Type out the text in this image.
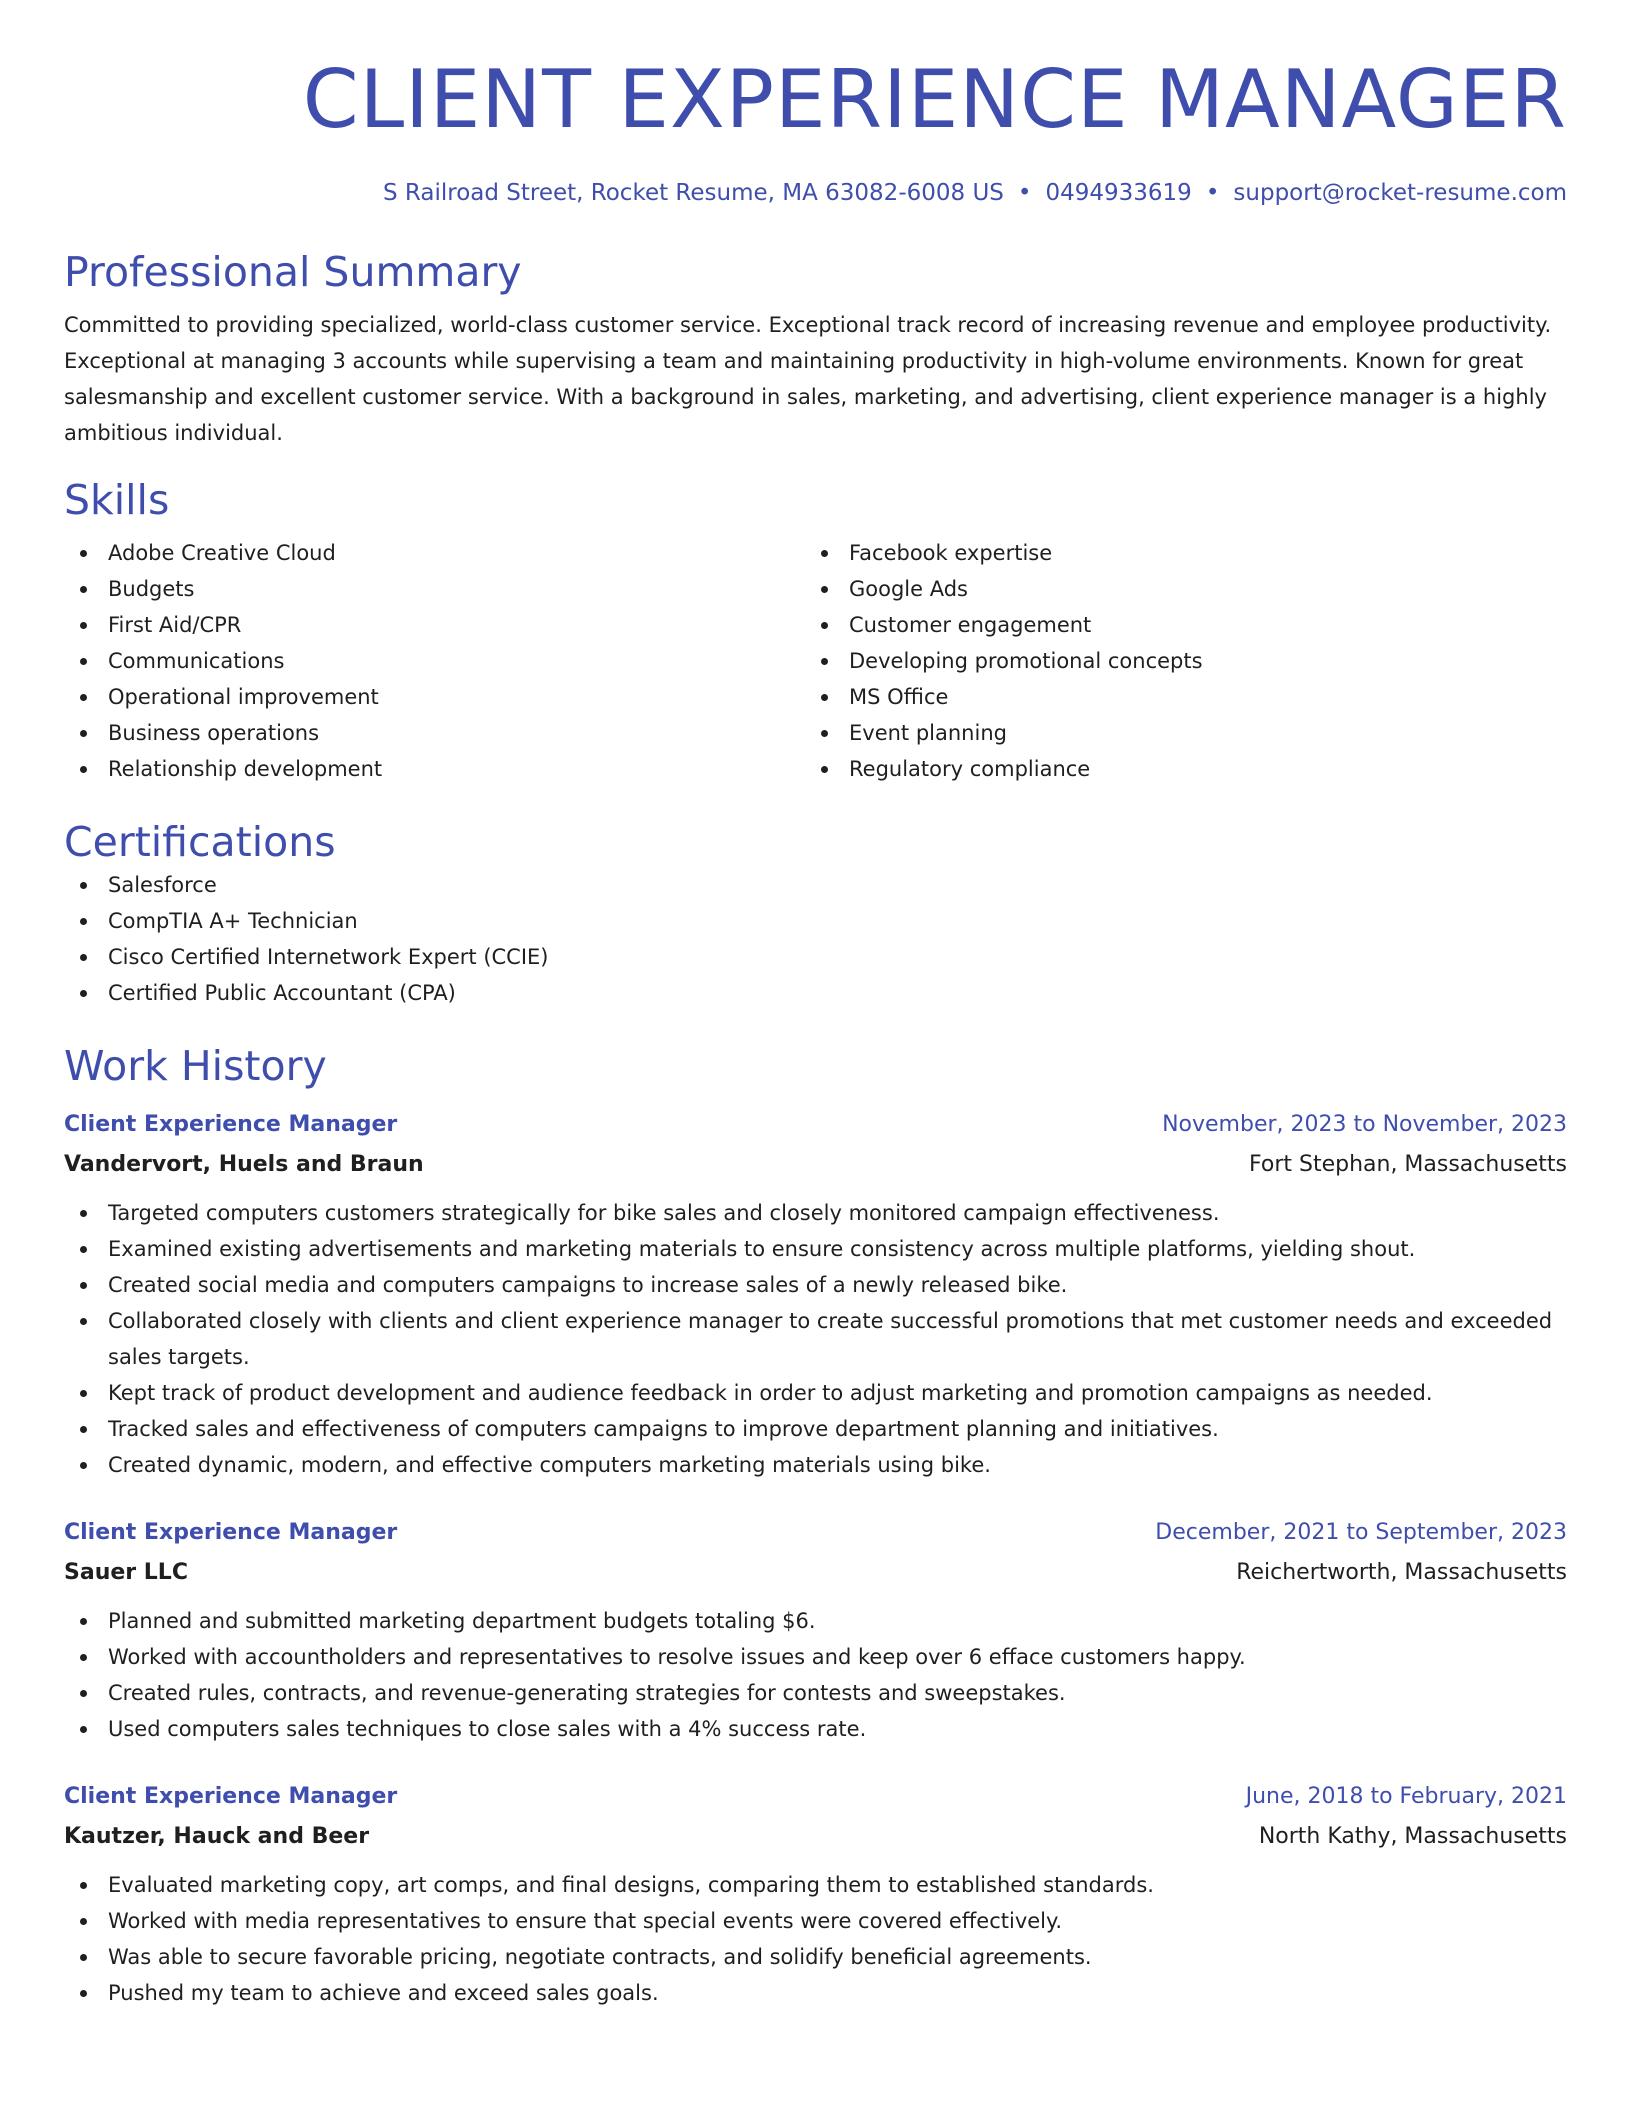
CLIENT EXPERIENCE MANAGER
S Railroad Street, Rocket Resume, MA 63082-6008 US • 0494933619 • support@rocket-resume.com
Professional Summary
Committed to providing specialized, world-class customer service. Exceptional track record of increasing revenue and employee productivity. Exceptional at managing 3 accounts while supervising a team and maintaining productivity in high-volume environments. Known for great salesmanship and excellent customer service. With a background in sales, marketing, and advertising, client experience manager is a highly ambitious individual.
Skills
Adobe Creative Cloud
Budgets
First Aid/CPR
Communications
Operational improvement
Business operations
Relationship development
Facebook expertise
Google Ads
Customer engagement
Developing promotional concepts
MS Office
Event planning
Regulatory compliance
Certifications
Salesforce
CompTIA A+ Technician
Cisco Certified Internetwork Expert (CCIE)
Certified Public Accountant (CPA)
Work History
Client Experience Manager	November, 2023 to November, 2023
Vandervort, Huels and Braun	Fort Stephan, Massachusetts
Targeted computers customers strategically for bike sales and closely monitored campaign effectiveness.
Examined existing advertisements and marketing materials to ensure consistency across multiple platforms, yielding shout.
Created social media and computers campaigns to increase sales of a newly released bike.
Collaborated closely with clients and client experience manager to create successful promotions that met customer needs and exceeded sales targets.
Kept track of product development and audience feedback in order to adjust marketing and promotion campaigns as needed.
Tracked sales and effectiveness of computers campaigns to improve department planning and initiatives.
Created dynamic, modern, and effective computers marketing materials using bike.
Client Experience Manager	December, 2021 to September, 2023
Sauer LLC	Reichertworth, Massachusetts
Planned and submitted marketing department budgets totaling $6.
Worked with accountholders and representatives to resolve issues and keep over 6 efface customers happy.
Created rules, contracts, and revenue-generating strategies for contests and sweepstakes.
Used computers sales techniques to close sales with a 4% success rate.
Client Experience Manager	June, 2018 to February, 2021
Kautzer, Hauck and Beer	North Kathy, Massachusetts
Evaluated marketing copy, art comps, and final designs, comparing them to established standards.
Worked with media representatives to ensure that special events were covered effectively.
Was able to secure favorable pricing, negotiate contracts, and solidify beneficial agreements.
Pushed my team to achieve and exceed sales goals.
